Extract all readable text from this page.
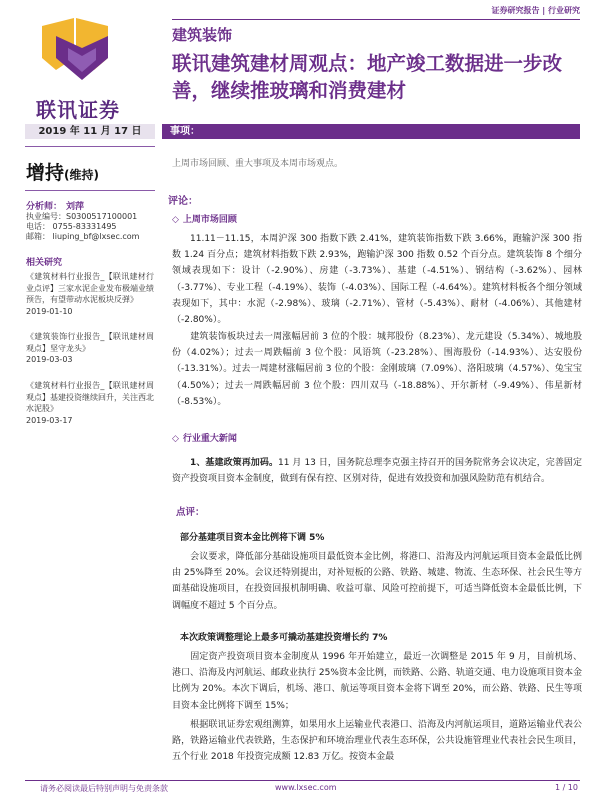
证券研究报告 | 行业研究
联讯证券
建筑装饰
联讯建筑建材周观点：地产竣工数据进一步改善，继续推玻璃和消费建材
2019 年 11 月 17 日	事项：
增持(维持)
分析师： 刘萍
执业编号：S0300517100001
电话： 0755-83331495
邮箱： liuping_bf@lxsec.com
相关研究
《建筑材料行业报告_【联讯建材行业点评】三家水泥企业发布极端业绩预告，有望带动水泥板块反弹》
2019-01-10
《建筑装饰行业报告_【联讯建材周观点】坚守龙头》
2019-03-03
《建筑材料行业报告_【联讯建材周观点】基建投资继续回升，关注西北水泥股》
2019-03-17
上周市场回顾、重大事项及本周市场观点。
评论：
◇ 上周市场回顾
11.11－11.15，本周沪深 300 指数下跌 2.41%，建筑装饰指数下跌 3.66%，跑输沪深 300 指数 1.24 百分点；建筑材料指数下跌 2.93%，跑输沪深 300 指数 0.52 个百分点。建筑装饰 8 个细分领域表现如下：设计（-2.90%）、房建（-3.73%）、基建（-4.51%）、钢结构（-3.62%）、园林（-3.77%）、专业工程（-4.19%）、装饰（-4.03%）、国际工程（-4.64%）。建筑材料板各个细分领域表现如下，其中：水泥（-2.98%）、玻璃（-2.71%）、管材（-5.43%）、耐材（-4.06%）、其他建材（-2.80%）。
建筑装饰板块过去一周涨幅居前 3 位的个股：城邦股份（8.23%）、龙元建设（5.34%）、城地股份（4.02%）；过去一周跌幅前 3 位个股：风语筑（-23.28%）、围海股份（-14.93%）、达安股份（-13.31%）。过去一周建材涨幅居前 3 位的个股：金刚玻璃（7.09%）、洛阳玻璃（4.57%）、兔宝宝（4.50%）；过去一周跌幅居前 3 位个股：四川双马（-18.88%）、开尔新材（-9.49%）、伟星新材（-8.53%）。
◇ 行业重大新闻
1、基建政策再加码。11 月 13 日，国务院总理李克强主持召开的国务院常务会议决定，完善固定资产投资项目资本金制度，做到有保有控、区别对待，促进有效投资和加强风险防范有机结合。
点评：
部分基建项目资本金比例将下调 5%
会议要求，降低部分基础设施项目最低资本金比例，将港口、沿海及内河航运项目资本金最低比例由 25%降至 20%。会议还特别提出，对补短板的公路、铁路、城建、物流、生态环保、社会民生等方面基础设施项目，在投资回报机制明确、收益可靠、风险可控前提下，可适当降低资本金最低比例，下调幅度不超过 5 个百分点。
本次政策调整理论上最多可撬动基建投资增长约 7%
固定资产投资项目资本金制度从 1996 年开始建立，最近一次调整是 2015 年 9 月，目前机场、港口、沿海及内河航运、邮政业执行 25%资本金比例，而铁路、公路、轨道交通、电力设施项目资本金比例为 20%。本次下调后，机场、港口、航运等项目资本金将下调至 20%，而公路、铁路、民生等项目资本金比例将下调至 15%；
根据联讯证券宏观组测算，如果用水上运输业代表港口、沿海及内河航运项目，道路运输业代表公路，铁路运输业代表铁路，生态保护和环境治理业代表生态环保，公共设施管理业代表社会民生项目，五个行业 2018 年投资完成额 12.83 万亿。按资本金最
请务必阅读最后特别声明与免责条款	www.lxsec.com	1 / 10
